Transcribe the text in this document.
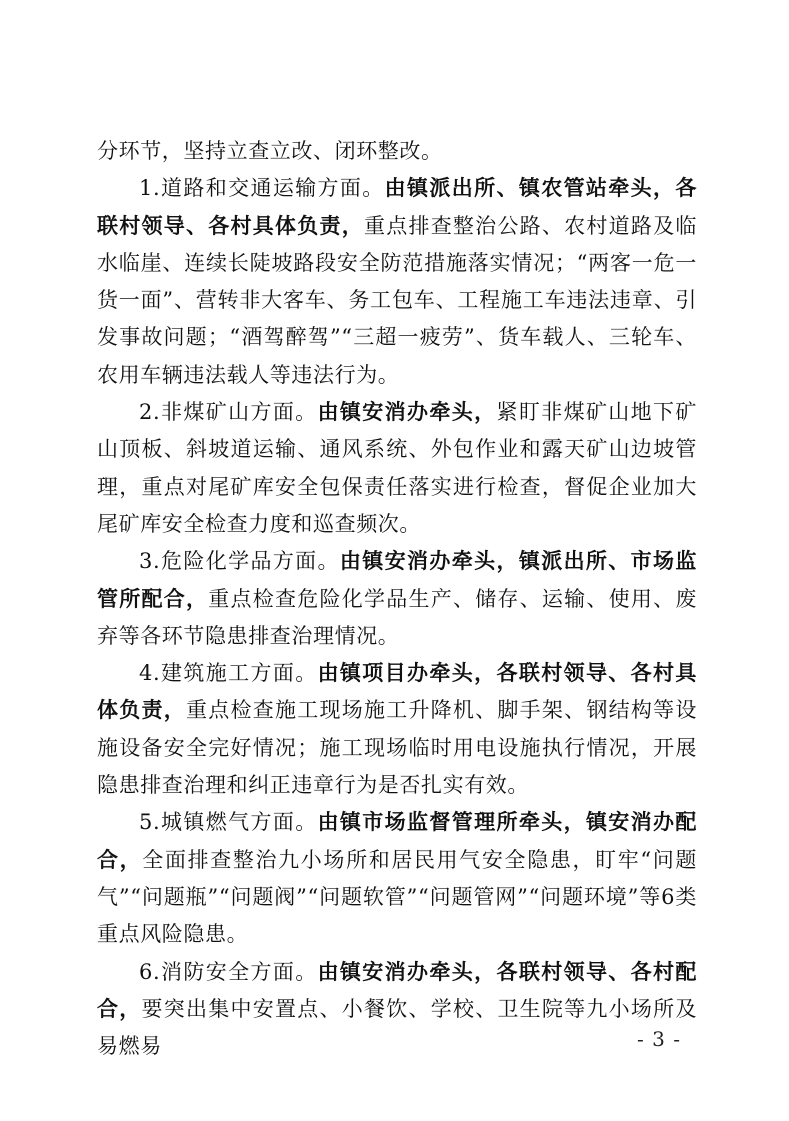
分环节，坚持立查立改、闭环整改。

1.道路和交通运输方面。由镇派出所、镇农管站牵头，各联村领导、各村具体负责，重点排查整治公路、农村道路及临水临崖、连续长陡坡路段安全防范措施落实情况；“两客一危一货一面”、营转非大客车、务工包车、工程施工车违法违章、引发事故问题；“酒驾醉驾”“三超一疲劳”、货车载人、三轮车、农用车辆违法载人等违法行为。

2.非煤矿山方面。由镇安消办牵头，紧盯非煤矿山地下矿山顶板、斜坡道运输、通风系统、外包作业和露天矿山边坡管理，重点对尾矿库安全包保责任落实进行检查，督促企业加大尾矿库安全检查力度和巡查频次。

3.危险化学品方面。由镇安消办牵头，镇派出所、市场监管所配合，重点检查危险化学品生产、储存、运输、使用、废弃等各环节隐患排查治理情况。

4.建筑施工方面。由镇项目办牵头，各联村领导、各村具体负责，重点检查施工现场施工升降机、脚手架、钢结构等设施设备安全完好情况；施工现场临时用电设施执行情况，开展隐患排查治理和纠正违章行为是否扎实有效。

5.城镇燃气方面。由镇市场监督管理所牵头，镇安消办配合，全面排查整治九小场所和居民用气安全隐患，盯牢“问题气”“问题瓶”“问题阀”“问题软管”“问题管网”“问题环境”等6类重点风险隐患。

6.消防安全方面。由镇安消办牵头，各联村领导、各村配合，要突出集中安置点、小餐饮、学校、卫生院等九小场所及易燃易	- 3 -
